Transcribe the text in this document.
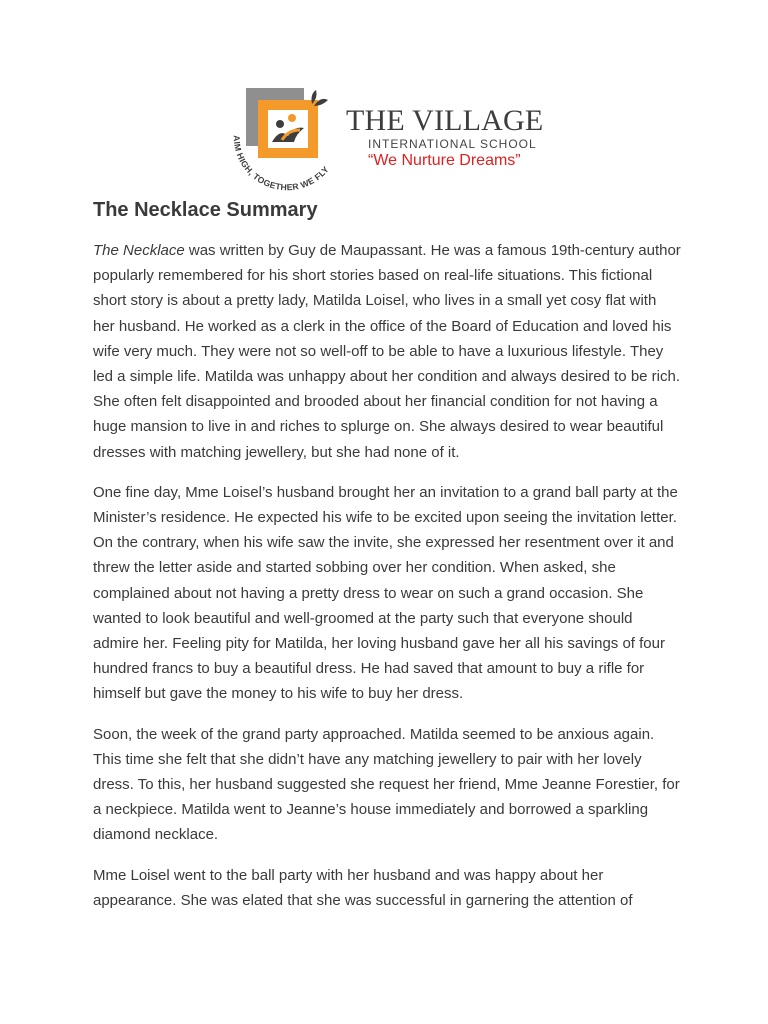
AIM HIGH, TOGETHER WE FLY
THE VILLAGE
INTERNATIONAL SCHOOL
“We Nurture Dreams”
The Necklace Summary

The Necklace was written by Guy de Maupassant. He was a famous 19th-century author popularly remembered for his short stories based on real-life situations. This fictional short story is about a pretty lady, Matilda Loisel, who lives in a small yet cosy flat with her husband. He worked as a clerk in the office of the Board of Education and loved his wife very much. They were not so well-off to be able to have a luxurious lifestyle. They led a simple life. Matilda was unhappy about her condition and always desired to be rich. She often felt disappointed and brooded about her financial condition for not having a huge mansion to live in and riches to splurge on. She always desired to wear beautiful dresses with matching jewellery, but she had none of it.

One fine day, Mme Loisel’s husband brought her an invitation to a grand ball party at the Minister’s residence. He expected his wife to be excited upon seeing the invitation letter. On the contrary, when his wife saw the invite, she expressed her resentment over it and threw the letter aside and started sobbing over her condition. When asked, she complained about not having a pretty dress to wear on such a grand occasion. She wanted to look beautiful and well-groomed at the party such that everyone should admire her. Feeling pity for Matilda, her loving husband gave her all his savings of four hundred francs to buy a beautiful dress. He had saved that amount to buy a rifle for himself but gave the money to his wife to buy her dress.

Soon, the week of the grand party approached. Matilda seemed to be anxious again. This time she felt that she didn’t have any matching jewellery to pair with her lovely dress. To this, her husband suggested she request her friend, Mme Jeanne Forestier, for a neckpiece. Matilda went to Jeanne’s house immediately and borrowed a sparkling diamond necklace.

Mme Loisel went to the ball party with her husband and was happy about her appearance. She was elated that she was successful in garnering the attention of
